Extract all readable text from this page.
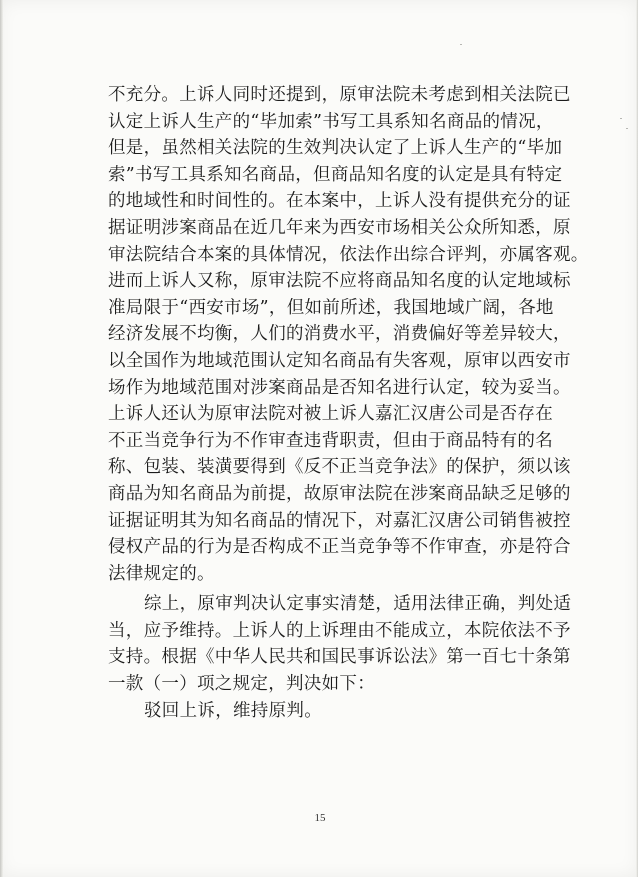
不充分。上诉人同时还提到，原审法院未考虑到相关法院已
认定上诉人生产的“毕加索”书写工具系知名商品的情况，
但是，虽然相关法院的生效判决认定了上诉人生产的“毕加
索”书写工具系知名商品，但商品知名度的认定是具有特定
的地域性和时间性的。在本案中，上诉人没有提供充分的证
据证明涉案商品在近几年来为西安市场相关公众所知悉，原
审法院结合本案的具体情况，依法作出综合评判，亦属客观。
进而上诉人又称，原审法院不应将商品知名度的认定地域标
准局限于“西安市场”，但如前所述，我国地域广阔，各地
经济发展不均衡，人们的消费水平，消费偏好等差异较大，
以全国作为地域范围认定知名商品有失客观，原审以西安市
场作为地域范围对涉案商品是否知名进行认定，较为妥当。
上诉人还认为原审法院对被上诉人嘉汇汉唐公司是否存在
不正当竞争行为不作审查违背职责，但由于商品特有的名
称、包装、装潢要得到《反不正当竞争法》的保护，须以该
商品为知名商品为前提，故原审法院在涉案商品缺乏足够的
证据证明其为知名商品的情况下，对嘉汇汉唐公司销售被控
侵权产品的行为是否构成不正当竞争等不作审查，亦是符合
法律规定的。
综上，原审判决认定事实清楚，适用法律正确，判处适
当，应予维持。上诉人的上诉理由不能成立，本院依法不予
支持。根据《中华人民共和国民事诉讼法》第一百七十条第
一款（一）项之规定，判决如下：
驳回上诉，维持原判。
15
